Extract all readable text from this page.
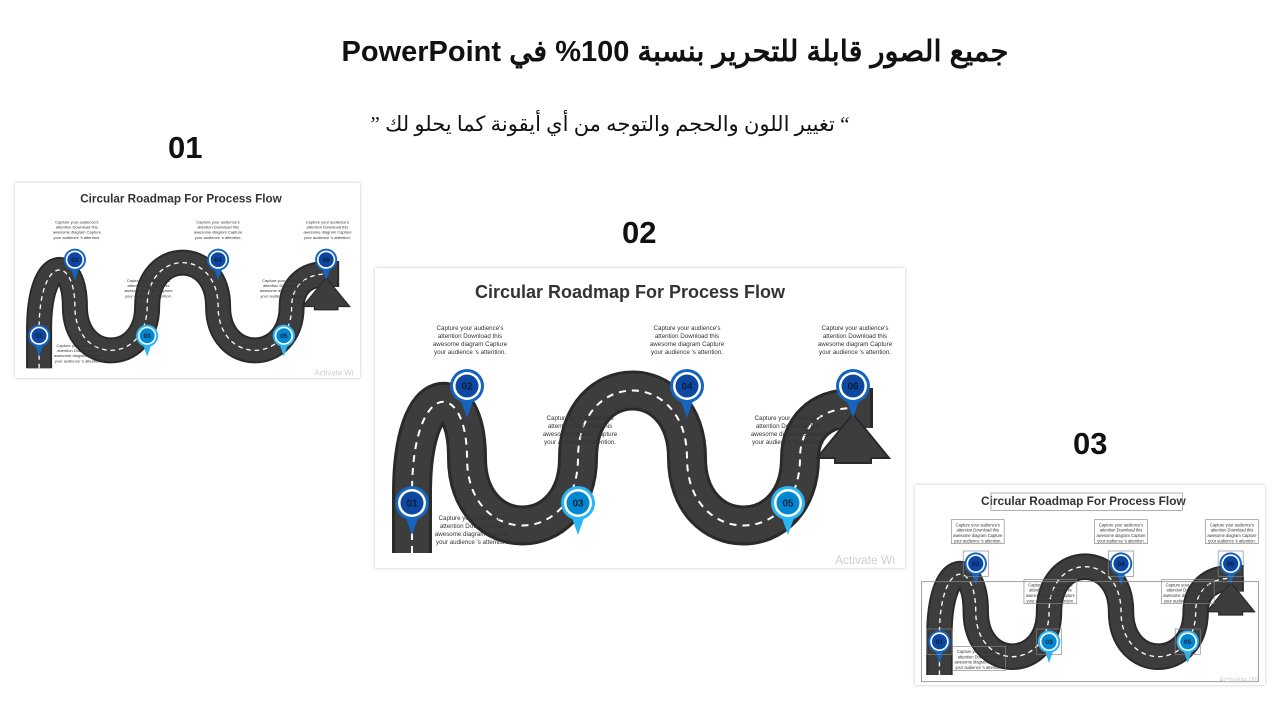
جميع الصور قابلة للتحرير بنسبة 100% في PowerPoint
“ تغيير اللون والحجم والتوجه من أي أيقونة كما يحلو لك ”
01
02
03
Circular Roadmap For Process Flow
Capture your audience's
attention Download this
awesome diagram Capture
your audience 's attention.
Capture your audience's
attention Download this
awesome diagram Capture
your audience 's attention.
Capture your audience's
attention Download this
awesome diagram Capture
your audience 's attention.
Capture your audience's
attention Download this
awesome diagram Capture
your audience 's attention.
Capture your audience's
attention Download this
awesome diagram Capture
your audience 's attention.
Capture your audience's
attention Download this
awesome diagram Capture
your audience 's attention.
01
02
03
04
05
06
Activate Wi
Circular Roadmap For Process Flow
Capture your audience's
attention Download this
awesome diagram Capture
your audience 's attention.
Capture your audience's
attention Download this
awesome diagram Capture
your audience 's attention.
Capture your audience's
attention Download this
awesome diagram Capture
your audience 's attention.
Capture your audience's
attention Download this
awesome diagram Capture
your audience 's attention.
Capture your audience's
attention Download this
awesome diagram Capture
your audience 's attention.
Capture your audience's
attention Download this
awesome diagram Capture
your audience 's attention.
01
02
03
04
05
06
Activate Wi
Circular Roadmap For Process Flow
Capture your audience's
attention Download this
awesome diagram Capture
your audience 's attention.
Capture your audience's
attention Download this
awesome diagram Capture
your audience 's attention.
Capture your audience's
attention Download this
awesome diagram Capture
your audience 's attention.
Capture your audience's
attention Download this
awesome diagram Capture
your audience 's attention.
Capture your audience's
attention Download this
awesome diagram Capture
your audience 's attention.
Capture your audience's
attention Download this
awesome diagram Capture
your audience 's attention.
01
02
03
04
05
06
Activate Wi
